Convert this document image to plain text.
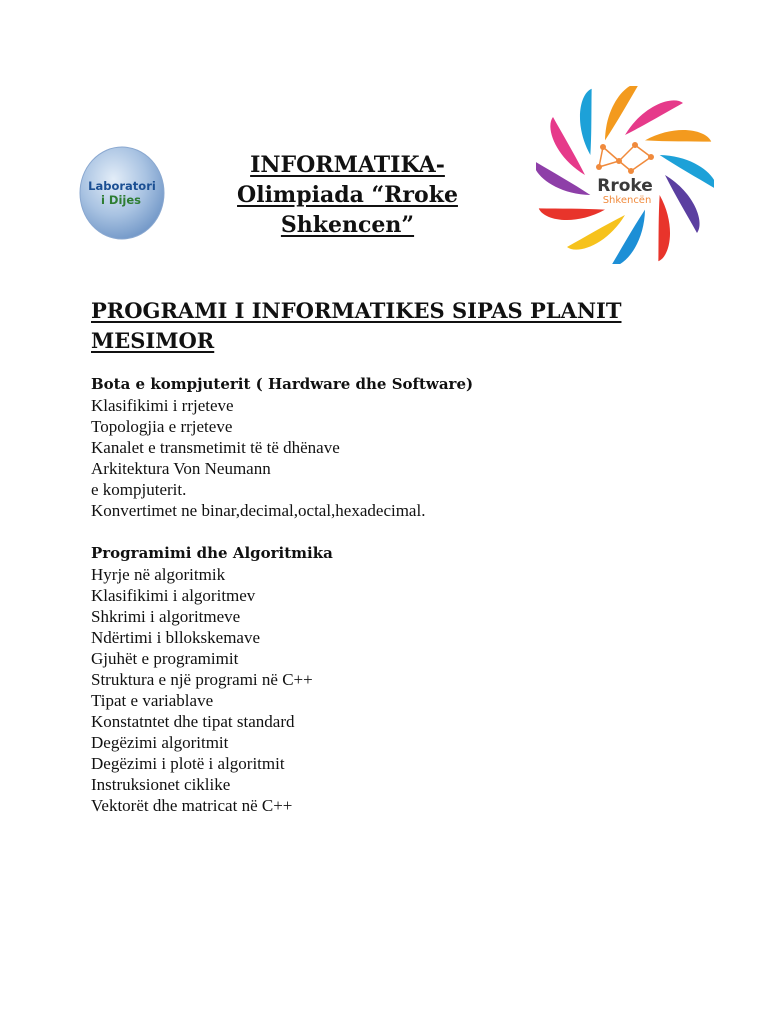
Laboratori
i Dijes
INFORMATIKA-
Olimpiada “Rroke
Shkencen”
Rroke
Shkencën
PROGRAMI I INFORMATIKES SIPAS PLANIT
MESIMOR
Bota e kompjuterit ( Hardware dhe Software)
Klasifikimi i rrjeteve
Topologjia e rrjeteve
Kanalet e transmetimit të të dhënave
Arkitektura Von Neumann
e kompjuterit.
Konvertimet ne binar,decimal,octal,hexadecimal.
Programimi dhe Algoritmika
Hyrje në algoritmik
Klasifikimi i algoritmev
Shkrimi i algoritmeve
Ndërtimi i bllokskemave
Gjuhët e programimit
Struktura e një programi në C++
Tipat e variablave
Konstatntet dhe tipat standard
Degëzimi algoritmit
Degëzimi i plotë i algoritmit
Instruksionet ciklike
Vektorët dhe matricat në C++
